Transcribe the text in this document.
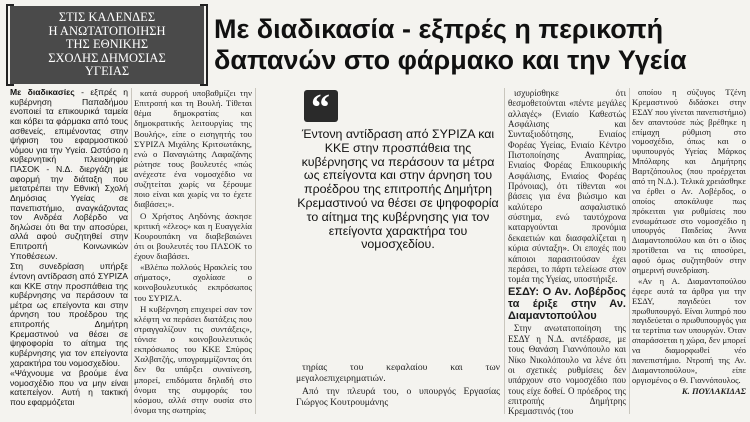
ΣΤΙΣ ΚΑΛΕΝΔΕΣ
Η ΑΝΩΤΑΤΟΠΟΙΗΣΗ
ΤΗΣ ΕΘΝΙΚΗΣ
ΣΧΟΛΗΣ ΔΗΜΟΣΙΑΣ
ΥΓΕΙΑΣ
Με διαδικασία - εξπρές η περικοπή
δαπανών στο φάρμακο και την Υγεία

Με διαδικασίες - εξπρές η κυβέρνηση Παπαδήμου ενοποιεί τα επικουρικά ταμεία και κόβει τα φάρμακα από τους ασθενείς, επιμένοντας στην ψήφιση του εφαρμοστικού νόμου για την Υγεία. Ωστόσο η κυβερνητική πλειοψηφία ΠΑΣΟΚ - Ν.Δ. διεργάζη με αφορμή την διάταξη που μετατρέπει την Εθνική Σχολή Δημόσιας Υγείας σε πανεπιστήμιο, αναγκάζοντας τον Ανδρέα Λοβέρδο να δηλώσει ότι θα την αποσύρει, αλλά αφού συζητηθεί στην Επιτροπή Κοινωνικών Υποθέσεων.

Στη συνεδρίαση υπήρξε έντονη αντίδραση από ΣΥΡΙΖΑ και ΚΚΕ στην προσπάθεια της κυβέρνησης να περάσουν τα μέτρα ως επείγοντα και στην άρνηση του προέδρου της επιτροπής Δημήτρη Κρεμαστινού να θέσει σε ψηφοφορία το αίτημα της κυβέρνησης για τον επείγοντα χαρακτήρα του νομοσχεδίου.

«Ψάχνουμε να βρούμε ένα νομοσχέδιο που να μην είναι κατεπείγον. Αυτή η τακτική που εφαρμόζεται

κατά συρροή υποβαθμίζει την Επιτροπή και τη Βουλή. Τίθεται θέμα δημοκρατίας και δημοκρατικής λειτουργίας της Βουλής», είπε ο εισηγητής του ΣΥΡΙΖΑ Μιχάλης Κριτσωτάκης, ενώ ο Παναγιώτης Λαφαζάνης ρώτησε τους βουλευτές «πώς ανέχεστε ένα νομοσχέδιο να συζητείται χωρίς να ξέρουμε ποιο είναι και χωρίς να το έχετε διαβάσει;».

Ο Χρήστος Αηδόνης άσκησε κριτική «έλεος» και η Ευαγγελία Κουρουπάκη να διαβεβαιώνει ότι οι βουλευτές του ΠΑΣΟΚ το έχουν διαβάσει.

«Βλέπω πολλούς Ηρακλείς του σήματος», σχολίασε ο κοινοβουλευτικός εκπρόσωπος του ΣΥΡΙΖΑ.

Η κυβέρνηση επιχειρεί σαν τον κλέφτη να περάσει διατάξεις που στραγγαλίζουν τις συντάξεις», τόνισε ο κοινοβουλευτικός εκπρόσωπος του ΚΚΕ Σπύρος Χαλβατζής, υπογραμμίζοντας ότι δεν θα υπάρξει συναίνεση, μπορεί, επιδόματα δηλαδή στο όνομα της συμφοράς του κόσμου, αλλά στην ουσία στο όνομα της σωτηρίας

“
Έντονη αντίδραση από ΣΥΡΙΖΑ και ΚΚΕ στην προσπάθεια της κυβέρνησης να περάσουν τα μέτρα ως επείγοντα και στην άρνηση του προέδρου της επιτροπής Δημήτρη Κρεμαστινού να θέσει σε ψηφοφορία το αίτημα της κυβέρνησης για τον επείγοντα χαρακτήρα του νομοσχεδίου.

τηρίας του κεφαλαίου και των μεγαλοεπιχειρηματιών.

Από την πλευρά του, ο υπουργός Εργασίας Γιώργος Κουτρουμάνης

ισχυρίσθηκε ότι θεσμοθετούνται «πέντε μεγάλες αλλαγές» (Ενιαίο Καθεστώς Ασφάλισης και Συνταξιοδότησης, Ενιαίος Φορέας Υγείας, Ενιαίο Κέντρο Πιστοποίησης Αναπηρίας, Ενιαίος Φορέας Επικουρικής Ασφάλισης, Ενιαίος Φορέας Πρόνοιας), ότι τίθενται «οι βάσεις για ένα βιώσιμο και καλύτερο ασφαλιστικό σύστημα, ενώ ταυτόχρονα καταργούνται προνόμια δεκαετιών και διασφαλίζεται η κύρια σύνταξη». Οι εποχές που κάποιοι παρασιτούσαν έχει περάσει, το πάρτι τελείωσε στον τομέα της Υγείας, υποστήριξε.

ΕΣΔΥ: Ο Αν. Λοβέρδος τα έριξε στην Αν. Διαμαντοπούλου

Στην ανωτατοποίηση της ΕΣΔΥ η Ν.Δ. αντέδρασε, με τους Θανάση Γιαννόπουλο και Νίκο Νικολόπουλο να λένε ότι οι σχετικές ρυθμίσεις δεν υπάρχουν στο νομοσχέδιο που τους είχε δοθεί. Ο πρόεδρος της επιτροπής Δημήτρης Κρεμαστινός (του

οποίου η σύζυγος Τζένη Κρεμαστινού διδάσκει στην ΕΣΔΥ που γίνεται πανεπιστήμιο) δεν απαντούσε πώς βρέθηκε η επίμαχη ρύθμιση στο νομοσχέδιο, όπως και ο υφυπουργός Υγείας Μάρκος Μπόλαρης και Δημήτρης Βαρτζόπουλος (που προέρχεται από τη Ν.Δ.). Τελικά χρειάσθηκε να έρθει ο Αν. Λοβέρδος, ο οποίος αποκάλυψε πως πρόκειται για ρυθμίσεις που ενσωμάτωσε στο νομοσχέδιο η υπουργός Παιδείας Άννα Διαμαντοπούλου και ότι ο ίδιος προτίθεται να τις αποσύρει, αφού όμως συζητηθούν στην σημερινή συνεδρίαση.

«Αν η Α. Διαμαντοπούλου έφερε αυτά τα άρθρα για την ΕΣΔΥ, παγιδεύει τον πρωθυπουργό. Είναι λυπηρό που παγιδεύεται ο πρωθυπουργός για τα τερτίπια των υπουργών. Όταν σπαράσσεται η χώρα, δεν μπορεί να διαμορφωθεί νέο πανεπιστήμιο. Ντροπή της Αν. Διαμαντοπούλου», είπε οργισμένος ο Θ. Γιαννόπουλος.

Κ. ΠΟΥΛΑΚΙΔΑΣ
